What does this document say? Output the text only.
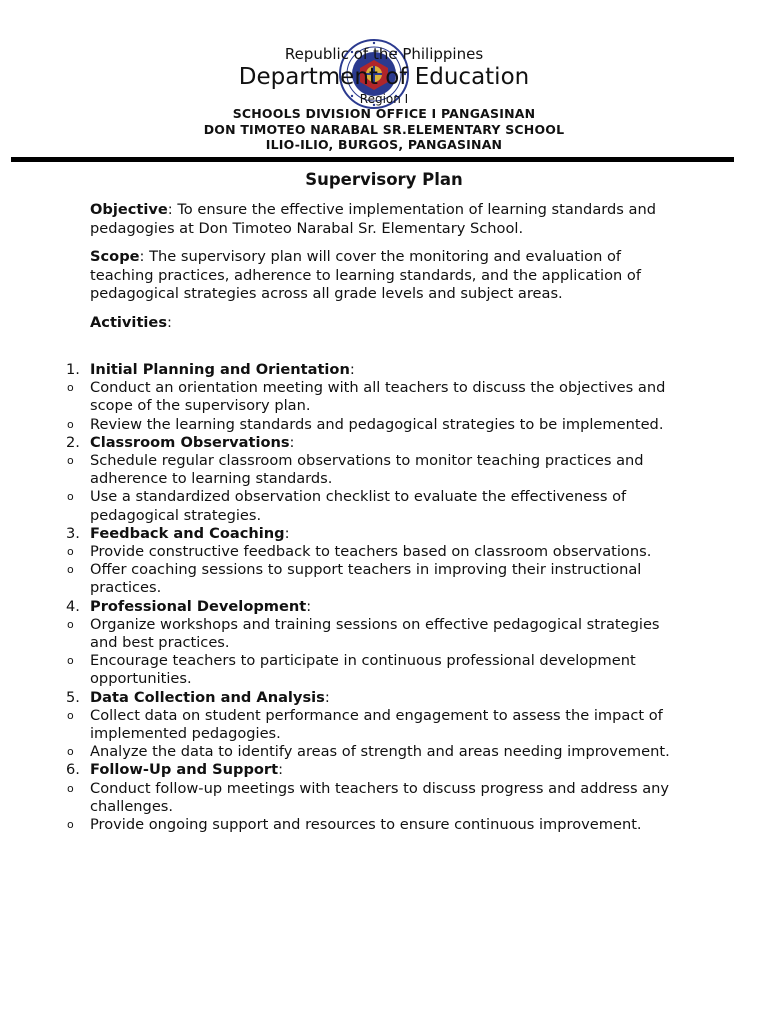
Republic of the Philippines
Department of Education
Region I
SCHOOLS DIVISION OFFICE I PANGASINAN
DON TIMOTEO NARABAL SR.ELEMENTARY SCHOOL
ILIO-ILIO, BURGOS, PANGASINAN
Supervisory Plan
Objective: To ensure the effective implementation of learning standards and pedagogies at Don Timoteo Narabal Sr. Elementary School.
Scope: The supervisory plan will cover the monitoring and evaluation of teaching practices, adherence to learning standards, and the application of pedagogical strategies across all grade levels and subject areas.
Activities:
1. Initial Planning and Orientation:
o Conduct an orientation meeting with all teachers to discuss the objectives and scope of the supervisory plan.
o Review the learning standards and pedagogical strategies to be implemented.
2. Classroom Observations:
o Schedule regular classroom observations to monitor teaching practices and adherence to learning standards.
o Use a standardized observation checklist to evaluate the effectiveness of pedagogical strategies.
3. Feedback and Coaching:
o Provide constructive feedback to teachers based on classroom observations.
o Offer coaching sessions to support teachers in improving their instructional practices.
4. Professional Development:
o Organize workshops and training sessions on effective pedagogical strategies and best practices.
o Encourage teachers to participate in continuous professional development opportunities.
5. Data Collection and Analysis:
o Collect data on student performance and engagement to assess the impact of implemented pedagogies.
o Analyze the data to identify areas of strength and areas needing improvement.
6. Follow-Up and Support:
o Conduct follow-up meetings with teachers to discuss progress and address any challenges.
o Provide ongoing support and resources to ensure continuous improvement.
